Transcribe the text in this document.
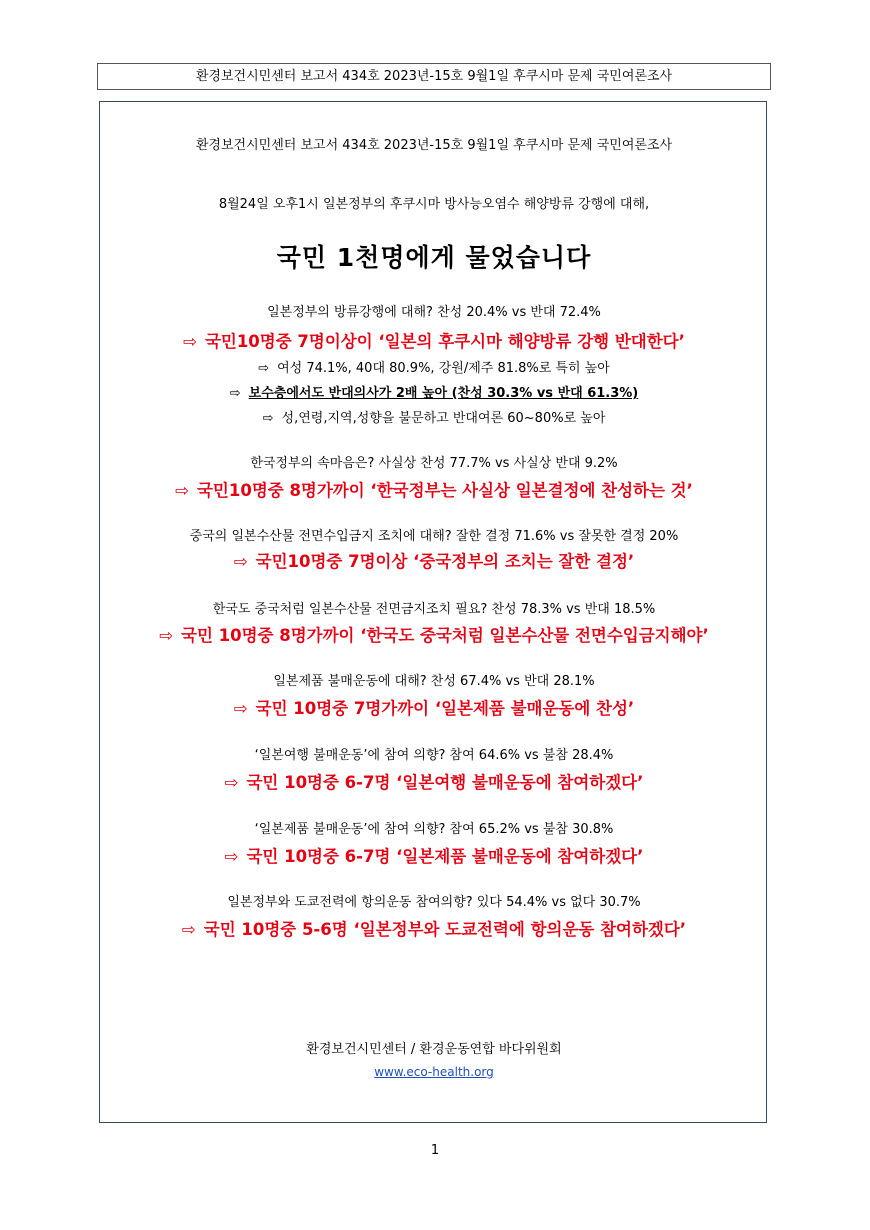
환경보건시민센터 보고서 434호 2023년-15호 9월1일 후쿠시마 문제 국민여론조사
환경보건시민센터 보고서 434호 2023년-15호 9월1일 후쿠시마 문제 국민여론조사
8월24일 오후1시 일본정부의 후쿠시마 방사능오염수 해양방류 강행에 대해,
국민 1천명에게 물었습니다
일본정부의 방류강행에 대해? 찬성 20.4% vs 반대 72.4%
⇨ 국민10명중 7명이상이 ‘일본의 후쿠시마 해양방류 강행 반대한다’
⇨ 여성 74.1%, 40대 80.9%, 강원/제주 81.8%로 특히 높아
⇨ 보수층에서도 반대의사가 2배 높아 (찬성 30.3% vs 반대 61.3%)
⇨ 성,연령,지역,성향을 불문하고 반대여론 60~80%로 높아
한국정부의 속마음은? 사실상 찬성 77.7% vs 사실상 반대 9.2%
⇨ 국민10명중 8명가까이 ‘한국정부는 사실상 일본결정에 찬성하는 것’
중국의 일본수산물 전면수입금지 조치에 대해? 잘한 결정 71.6% vs 잘못한 결정 20%
⇨ 국민10명중 7명이상 ‘중국정부의 조치는 잘한 결정’
한국도 중국처럼 일본수산물 전면금지조치 필요? 찬성 78.3% vs 반대 18.5%
⇨ 국민 10명중 8명가까이 ‘한국도 중국처럼 일본수산물 전면수입금지해야’
일본제품 불매운동에 대해? 찬성 67.4% vs 반대 28.1%
⇨ 국민 10명중 7명가까이 ‘일본제품 불매운동에 찬성’
‘일본여행 불매운동’에 참여 의향? 참여 64.6% vs 불참 28.4%
⇨ 국민 10명중 6-7명 ‘일본여행 불매운동에 참여하겠다’
‘일본제품 불매운동’에 참여 의향? 참여 65.2% vs 불참 30.8%
⇨ 국민 10명중 6-7명 ‘일본제품 불매운동에 참여하겠다’
일본정부와 도쿄전력에 항의운동 참여의향? 있다 54.4% vs 없다 30.7%
⇨ 국민 10명중 5-6명 ‘일본정부와 도쿄전력에 항의운동 참여하겠다’
환경보건시민센터 / 환경운동연합 바다위원회
www.eco-health.org
1
